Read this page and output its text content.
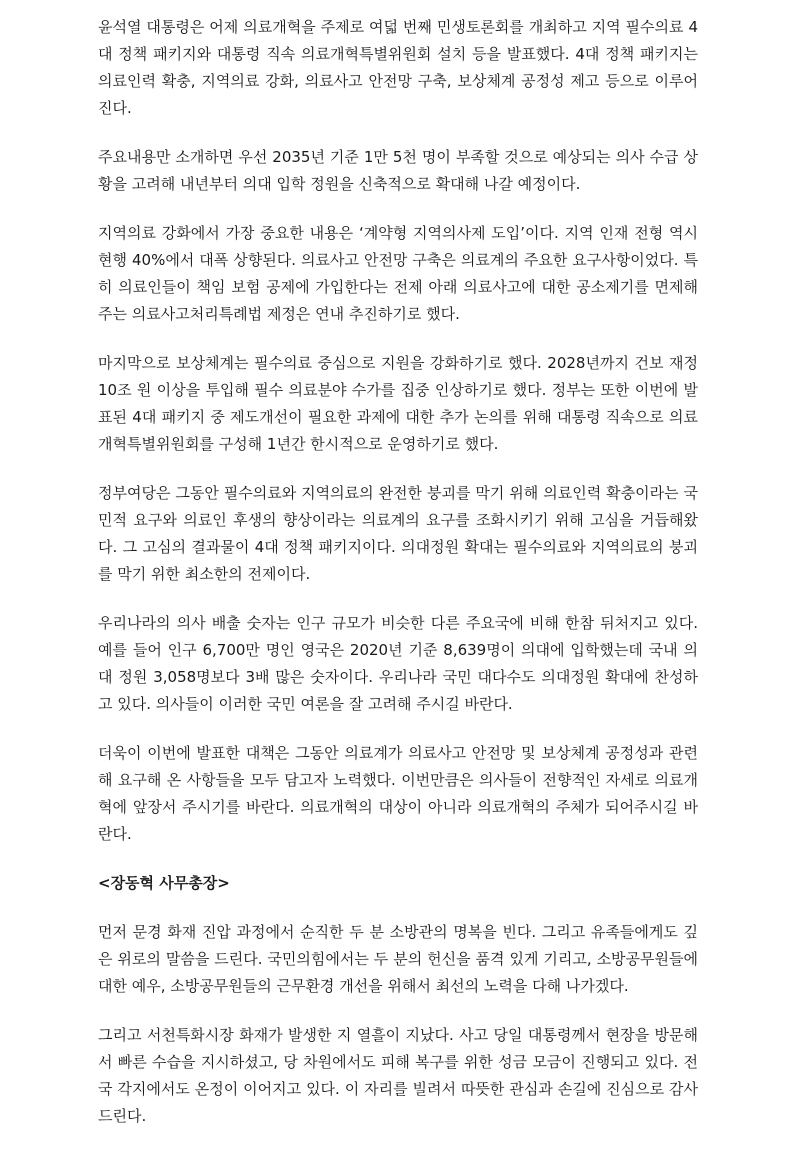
윤석열 대통령은 어제 의료개혁을 주제로 여덟 번째 민생토론회를 개최하고 지역 필수의료 4대 정책 패키지와 대통령 직속 의료개혁특별위원회 설치 등을 발표했다. 4대 정책 패키지는 의료인력 확충, 지역의료 강화, 의료사고 안전망 구축, 보상체계 공정성 제고 등으로 이루어진다.

주요내용만 소개하면 우선 2035년 기준 1만 5천 명이 부족할 것으로 예상되는 의사 수급 상황을 고려해 내년부터 의대 입학 정원을 신축적으로 확대해 나갈 예정이다.

지역의료 강화에서 가장 중요한 내용은 ‘계약형 지역의사제 도입’이다. 지역 인재 전형 역시 현행 40%에서 대폭 상향된다. 의료사고 안전망 구축은 의료계의 주요한 요구사항이었다. 특히 의료인들이 책임 보험 공제에 가입한다는 전제 아래 의료사고에 대한 공소제기를 면제해 주는 의료사고처리특례법 제정은 연내 추진하기로 했다.

마지막으로 보상체계는 필수의료 중심으로 지원을 강화하기로 했다. 2028년까지 건보 재정 10조 원 이상을 투입해 필수 의료분야 수가를 집중 인상하기로 했다. 정부는 또한 이번에 발표된 4대 패키지 중 제도개선이 필요한 과제에 대한 추가 논의를 위해 대통령 직속으로 의료개혁특별위원회를 구성해 1년간 한시적으로 운영하기로 했다.

정부여당은 그동안 필수의료와 지역의료의 완전한 붕괴를 막기 위해 의료인력 확충이라는 국민적 요구와 의료인 후생의 향상이라는 의료계의 요구를 조화시키기 위해 고심을 거듭해왔다. 그 고심의 결과물이 4대 정책 패키지이다. 의대정원 확대는 필수의료와 지역의료의 붕괴를 막기 위한 최소한의 전제이다.

우리나라의 의사 배출 숫자는 인구 규모가 비슷한 다른 주요국에 비해 한참 뒤처지고 있다. 예를 들어 인구 6,700만 명인 영국은 2020년 기준 8,639명이 의대에 입학했는데 국내 의대 정원 3,058명보다 3배 많은 숫자이다. 우리나라 국민 대다수도 의대정원 확대에 찬성하고 있다. 의사들이 이러한 국민 여론을 잘 고려해 주시길 바란다.

더욱이 이번에 발표한 대책은 그동안 의료계가 의료사고 안전망 및 보상체계 공정성과 관련해 요구해 온 사항들을 모두 담고자 노력했다. 이번만큼은 의사들이 전향적인 자세로 의료개혁에 앞장서 주시기를 바란다. 의료개혁의 대상이 아니라 의료개혁의 주체가 되어주시길 바란다.

<장동혁 사무총장>

먼저 문경 화재 진압 과정에서 순직한 두 분 소방관의 명복을 빈다. 그리고 유족들에게도 깊은 위로의 말씀을 드린다. 국민의힘에서는 두 분의 헌신을 품격 있게 기리고, 소방공무원들에 대한 예우, 소방공무원들의 근무환경 개선을 위해서 최선의 노력을 다해 나가겠다.

그리고 서천특화시장 화재가 발생한 지 열흘이 지났다. 사고 당일 대통령께서 현장을 방문해서 빠른 수습을 지시하셨고, 당 차원에서도 피해 복구를 위한 성금 모금이 진행되고 있다. 전국 각지에서도 온정이 이어지고 있다. 이 자리를 빌려서 따뜻한 관심과 손길에 진심으로 감사드린다.
